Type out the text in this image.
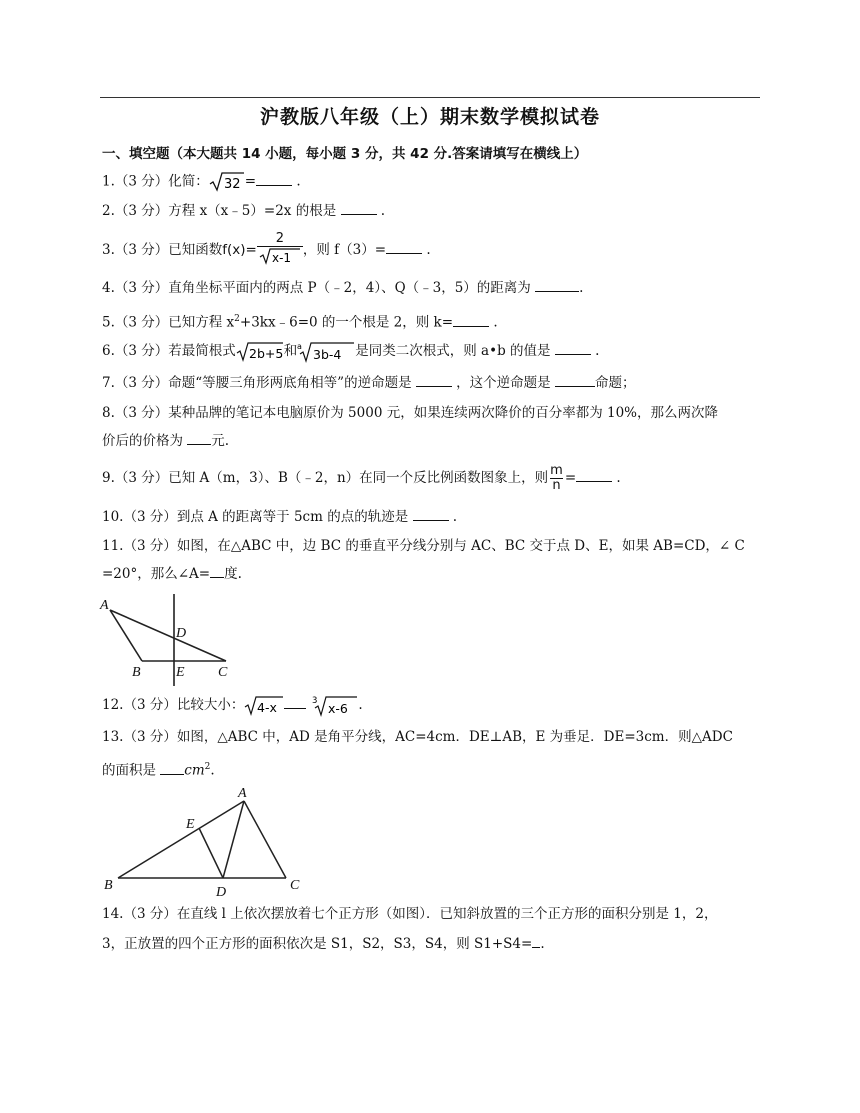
沪教版八年级（上）期末数学模拟试卷
一、填空题（本大题共 14 小题，每小题 3 分，共 42 分.答案请填写在横线上）
1.（3 分）化简： 32 =	.
2.（3 分）方程 x（x﹣5）=2x 的根是	.
3.（3 分）已知函数$f(x)= \frac{2}{x-1}$ ，则 f（3）=	.
4.（3 分）直角坐标平面内的两点 P（﹣2，4）、Q（﹣3，5）的距离为	.
5.（3 分）已知方程 $x^2+3kx﹣6=0$ 的一个根是 2，则 k=	.
6.（3 分）若最简根式 2b+5 和 a
3b-4 是同类二次根式，则 a•b 的值是	.
7.（3 分）命题“等腰三角形两底角相等”的逆命题是	，这个逆命题是	命题；
8.（3 分）某种品牌的笔记本电脑原价为 5000 元，如果连续两次降价的百分率都为 10%，那么两次降
价后的价格为 元.
9.（3 分）已知 A（m，3）、B（﹣2，n）在同一个反比例函数图象上，则 $\frac{m}{n}$ =	.
10.（3 分）到点 A 的距离等于 5cm 的点的轨迹是	.
11.（3 分）如图，在△ABC 中，边 BC 的垂直平分线分别与 AC、BC 交于点 D、E，如果 AB=CD，∠ C
=20°，那么∠A= 度.
A
B	C
D
E
12.（3 分）比较大小： 4-x	3 x-6 .
13.（3 分）如图，△ABC 中，AD 是角平分线，AC=4cm．DE⊥AB，E 为垂足．DE=3cm．则△ADC
的面积是 $cm^2$.
A
B	C
D
E
14.（3 分）在直线 l 上依次摆放着七个正方形（如图）．已知斜放置的三个正方形的面积分别是 1，2，
3，正放置的四个正方形的面积依次是 S1，S2，S3，S4，则 S1+S4= .
